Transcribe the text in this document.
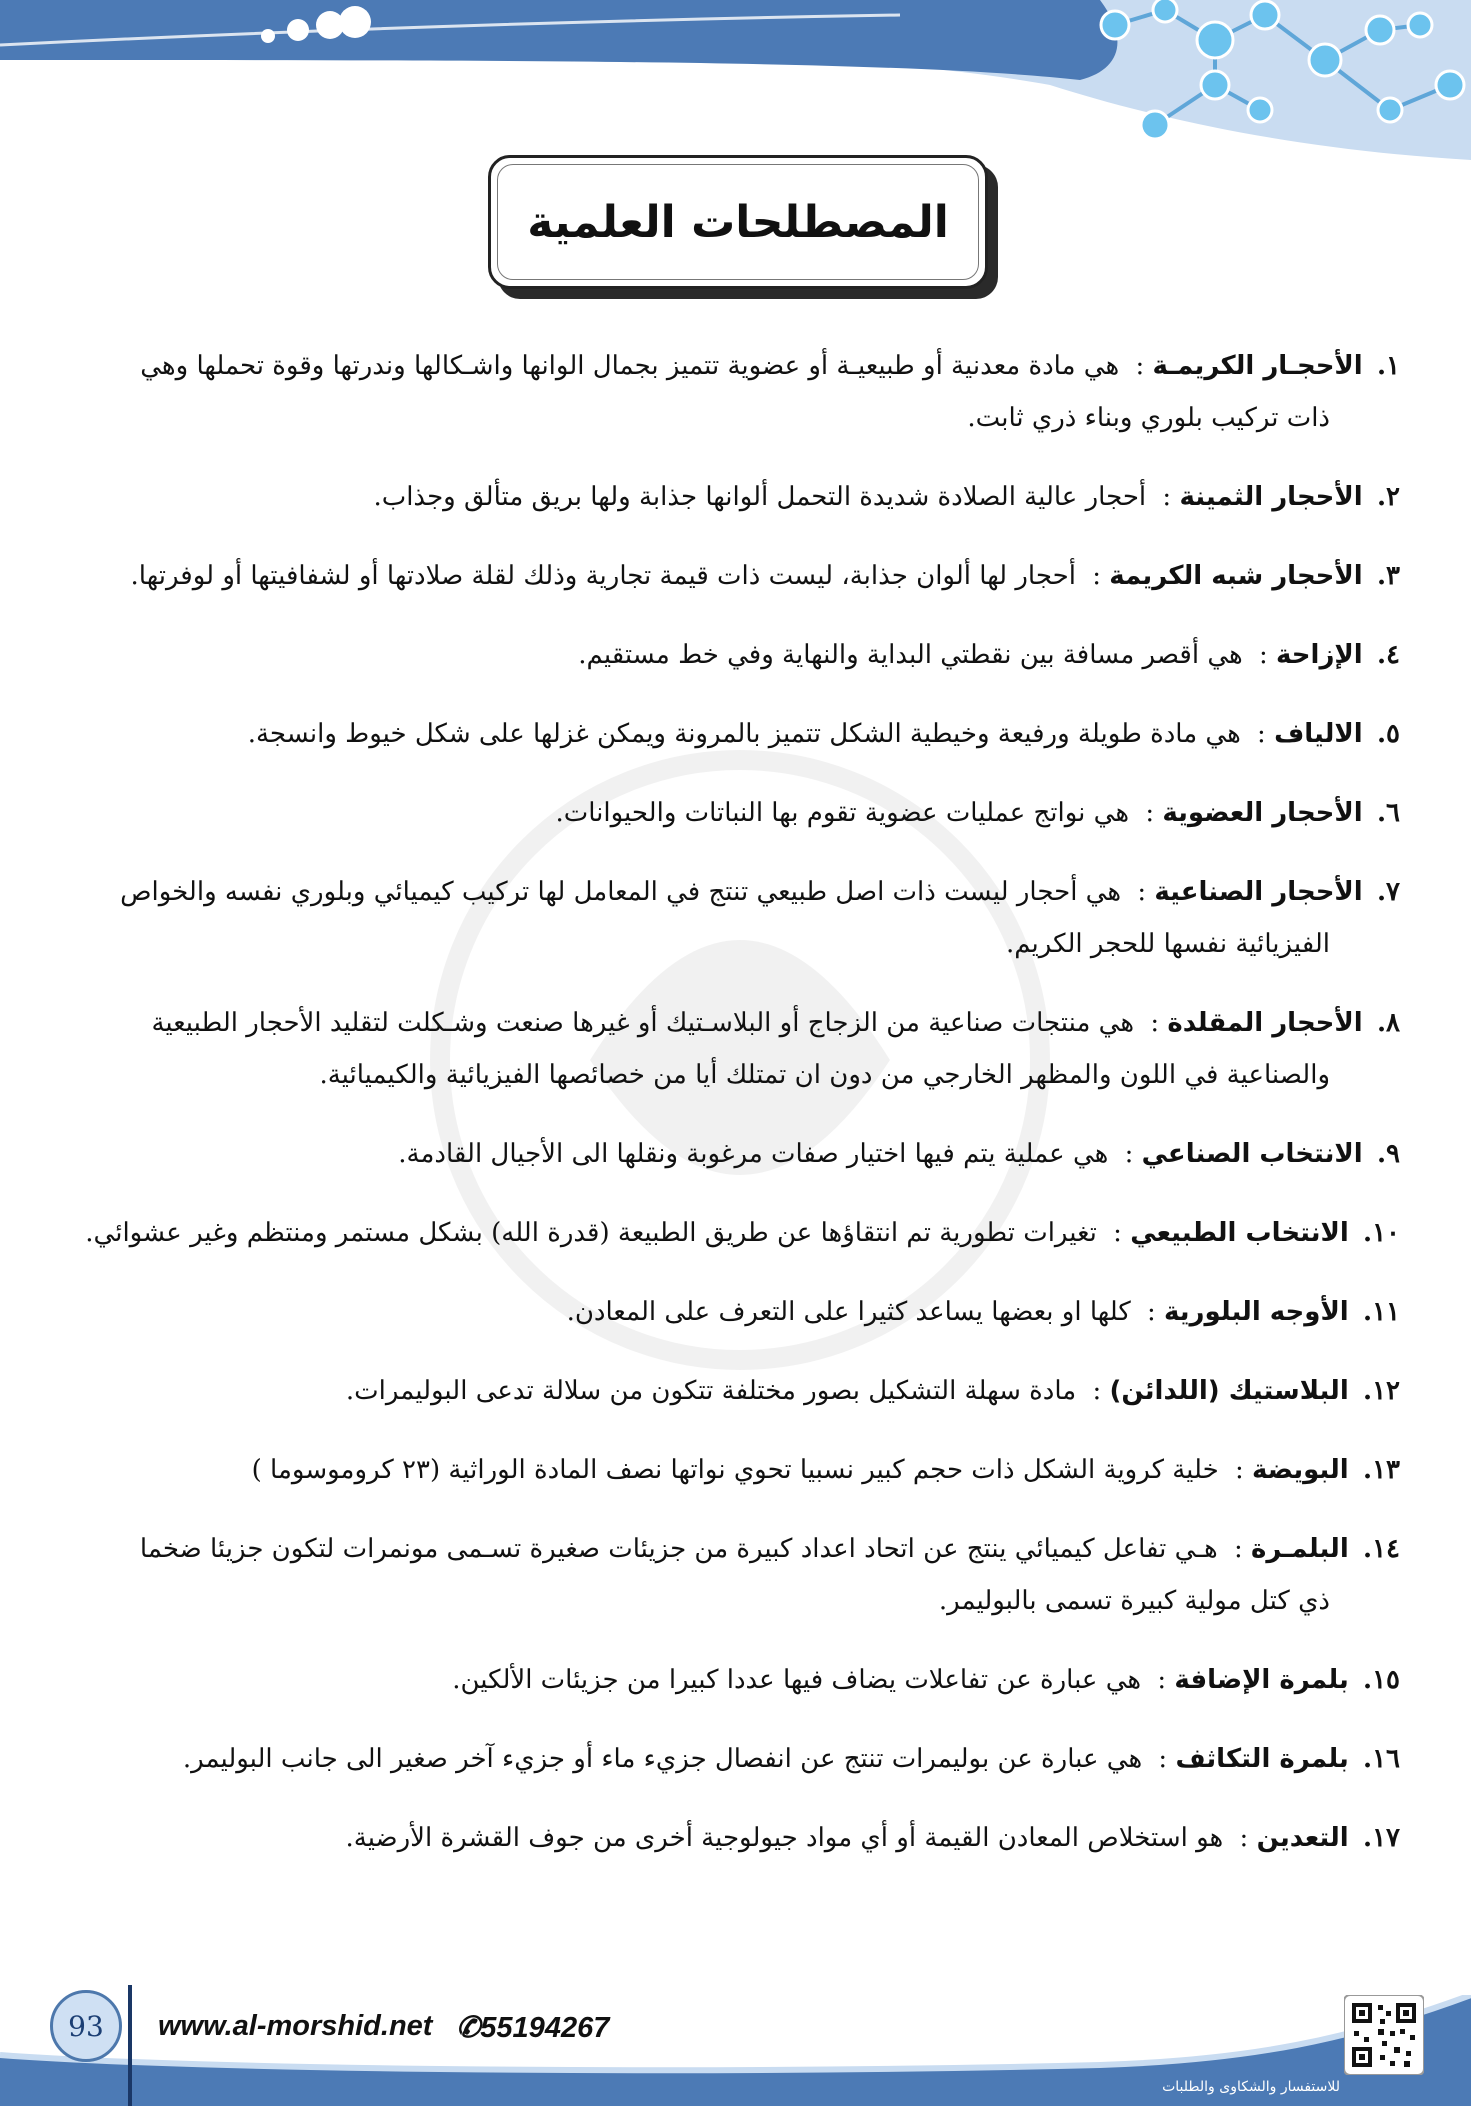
المصطلحات العلمية
١. الأحجـار الكريمـة : هي مادة معدنية أو طبيعيـة أو عضوية تتميز بجمال الوانها واشـكالها وندرتها وقوة تحملها وهي
ذات تركيب بلوري وبناء ذري ثابت.
٢. الأحجار الثمينة : أحجار عالية الصلادة شديدة التحمل ألوانها جذابة ولها بريق متألق وجذاب.
٣. الأحجار شبه الكريمة : أحجار لها ألوان جذابة، ليست ذات قيمة تجارية وذلك لقلة صلادتها أو لشفافيتها أو لوفرتها.
٤. الإزاحة : هي أقصر مسافة بين نقطتي البداية والنهاية وفي خط مستقيم.
٥. الالياف : هي مادة طويلة ورفيعة وخيطية الشكل تتميز بالمرونة ويمكن غزلها على شكل خيوط وانسجة.
٦. الأحجار العضوية : هي نواتج عمليات عضوية تقوم بها النباتات والحيوانات.
٧. الأحجار الصناعية : هي أحجار ليست ذات اصل طبيعي تنتج في المعامل لها تركيب كيميائي وبلوري نفسه والخواص
الفيزيائية نفسها للحجر الكريم.
٨. الأحجار المقلدة : هي منتجات صناعية من الزجاج أو البلاسـتيك أو غيرها صنعت وشـكلت لتقليد الأحجار الطبيعية
والصناعية في اللون والمظهر الخارجي من دون ان تمتلك أيا من خصائصها الفيزيائية والكيميائية.
٩. الانتخاب الصناعي : هي عملية يتم فيها اختيار صفات مرغوبة ونقلها الى الأجيال القادمة.
١٠. الانتخاب الطبيعي : تغيرات تطورية تم انتقاؤها عن طريق الطبيعة (قدرة الله) بشكل مستمر ومنتظم وغير عشوائي.
١١. الأوجه البلورية : كلها او بعضها يساعد كثيرا على التعرف على المعادن.
١٢. البلاستيك (اللدائن) : مادة سهلة التشكيل بصور مختلفة تتكون من سلالة تدعى البوليمرات.
١٣. البويضة : خلية كروية الشكل ذات حجم كبير نسبيا تحوي نواتها نصف المادة الوراثية (٢٣ كروموسوما )
١٤. البلمـرة : هـي تفاعل كيميائي ينتج عن اتحاد اعداد كبيرة من جزيئات صغيرة تسـمى مونمرات لتكون جزيئا ضخما
ذي كتل مولية كبيرة تسمى بالبوليمر.
١٥. بلمرة الإضافة : هي عبارة عن تفاعلات يضاف فيها عددا كبيرا من جزيئات الألكين.
١٦. بلمرة التكاثف : هي عبارة عن بوليمرات تنتج عن انفصال جزيء ماء أو جزيء آخر صغير الى جانب البوليمر.
١٧. التعدين : هو استخلاص المعادن القيمة أو أي مواد جيولوجية أخرى من جوف القشرة الأرضية.
93	www.al-morshid.net ✆55194267
للاستفسار والشكاوى والطلبات
